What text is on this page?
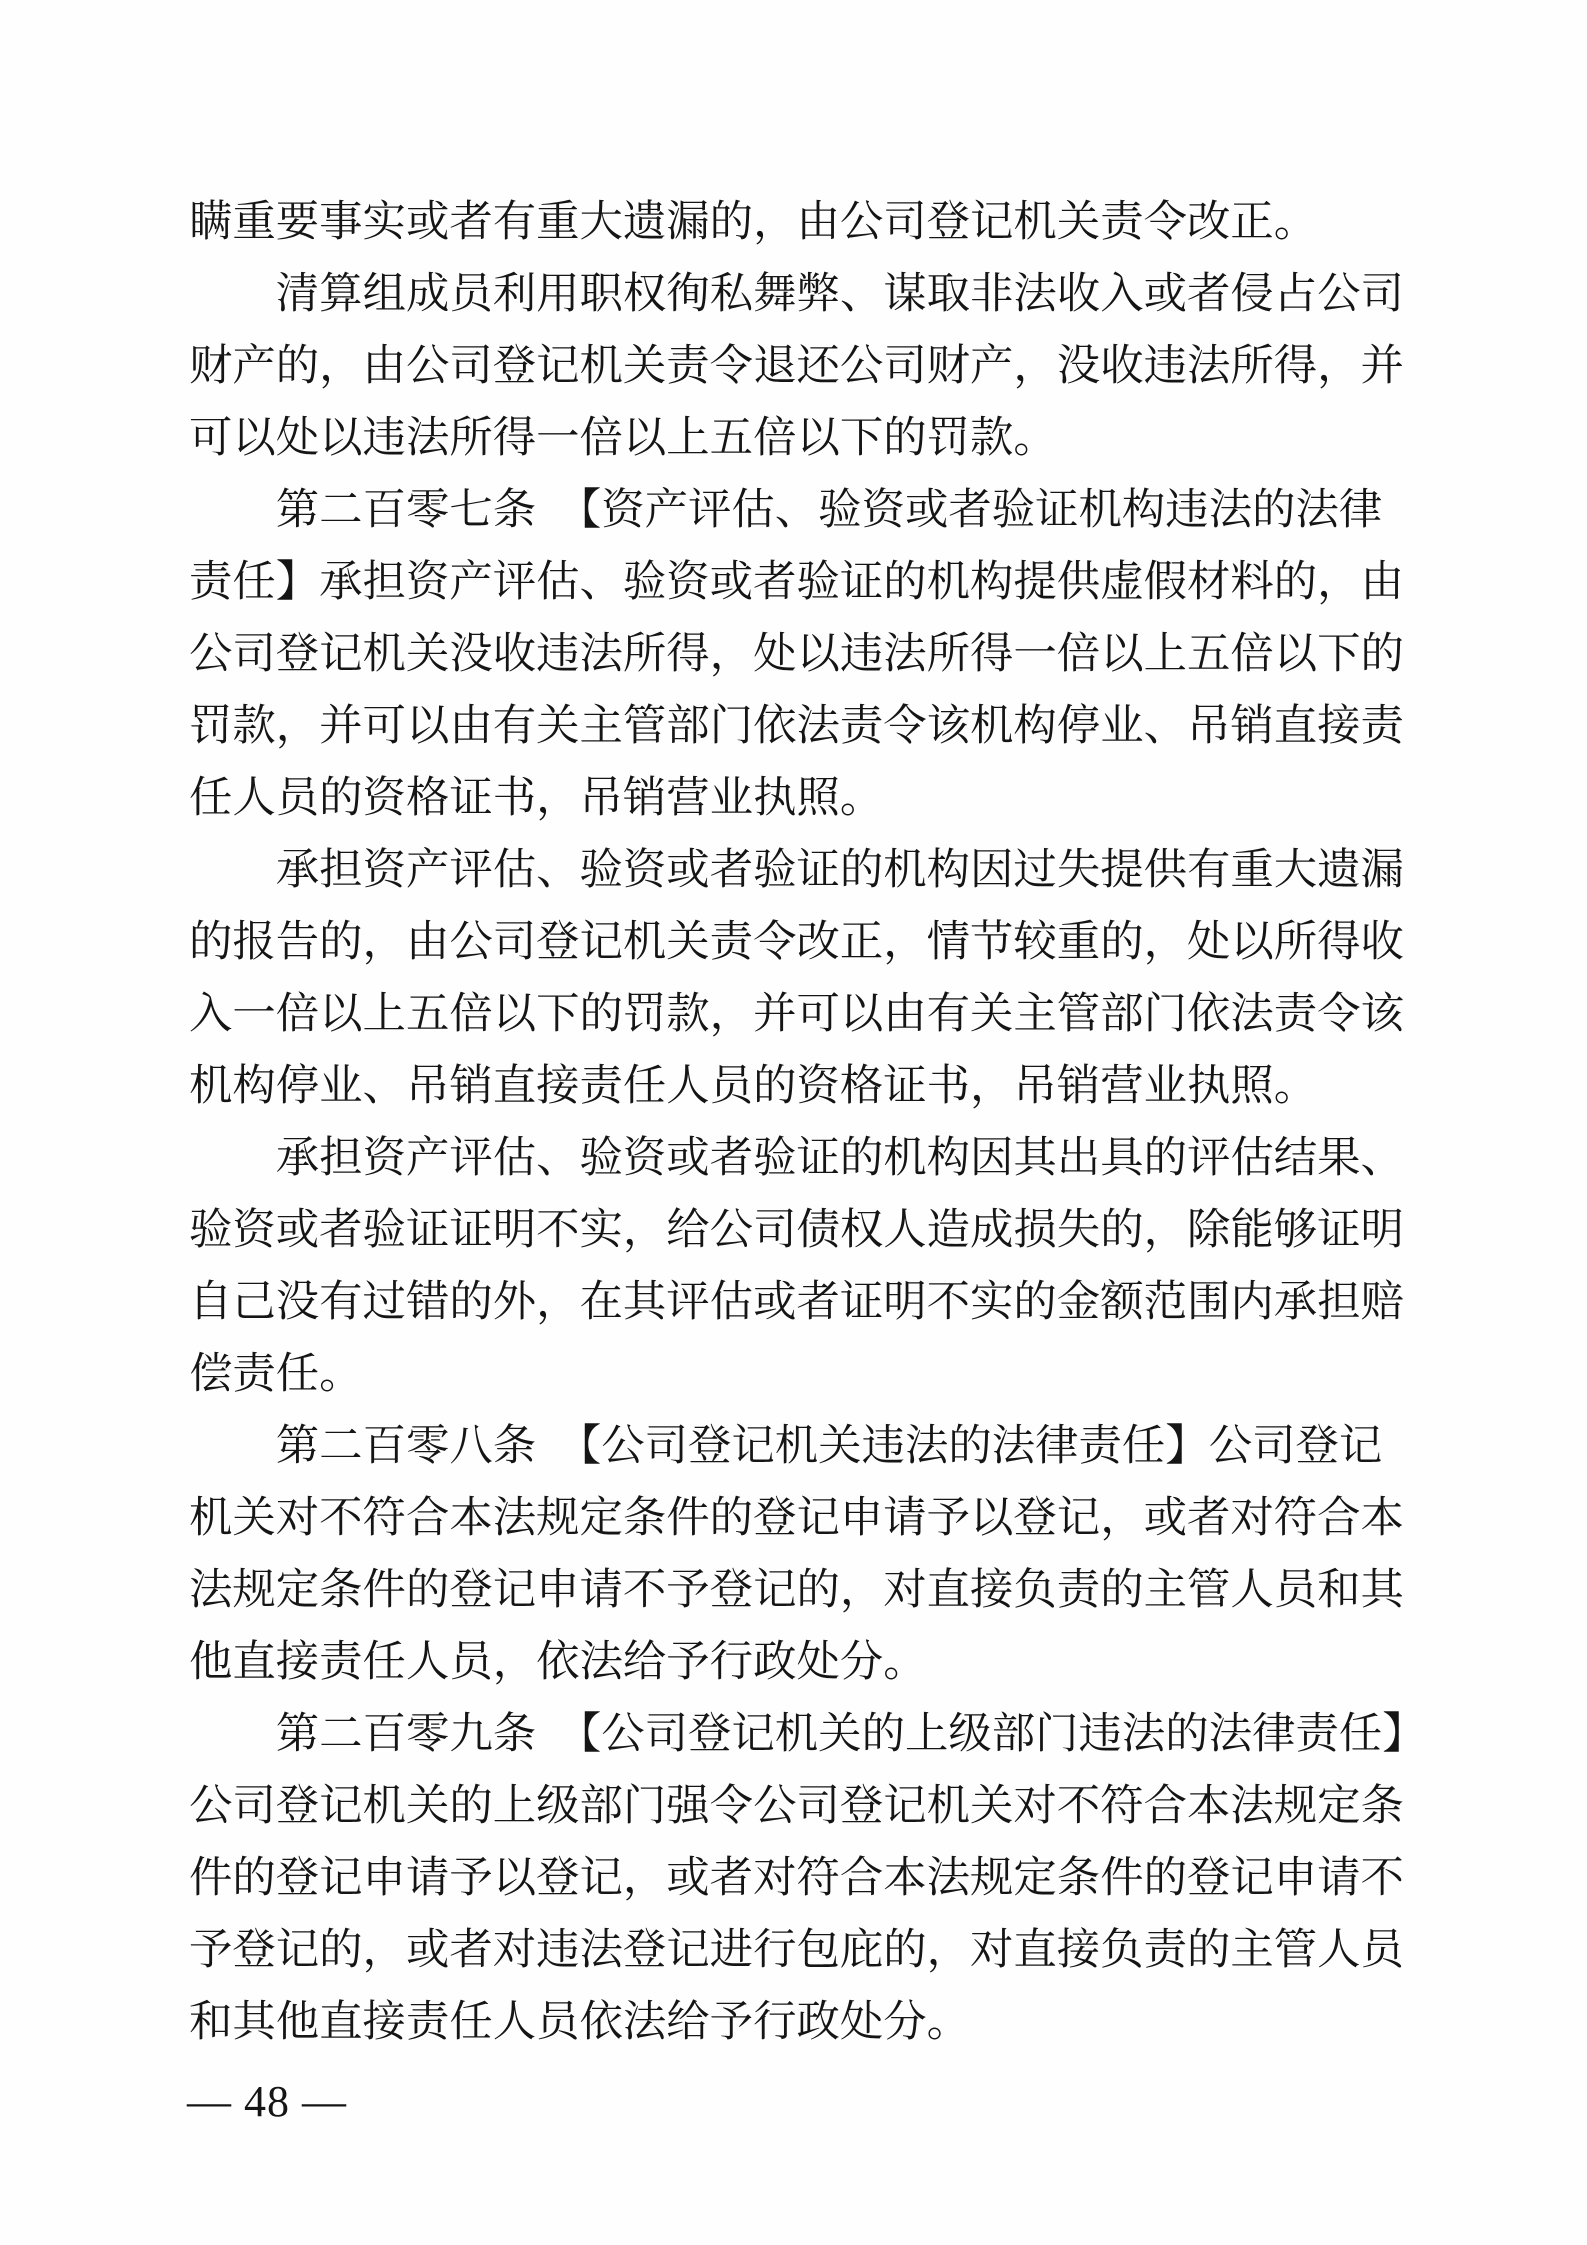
瞒重要事实或者有重大遗漏的，由公司登记机关责令改正。

清算组成员利用职权徇私舞弊、谋取非法收入或者侵占公司
财产的，由公司登记机关责令退还公司财产，没收违法所得，并
可以处以违法所得一倍以上五倍以下的罚款。

第二百零七条　【资产评估、验资或者验证机构违法的法律
责任】承担资产评估、验资或者验证的机构提供虚假材料的，由
公司登记机关没收违法所得，处以违法所得一倍以上五倍以下的
罚款，并可以由有关主管部门依法责令该机构停业、吊销直接责
任人员的资格证书，吊销营业执照。

承担资产评估、验资或者验证的机构因过失提供有重大遗漏
的报告的，由公司登记机关责令改正，情节较重的，处以所得收
入一倍以上五倍以下的罚款，并可以由有关主管部门依法责令该
机构停业、吊销直接责任人员的资格证书，吊销营业执照。

承担资产评估、验资或者验证的机构因其出具的评估结果、
验资或者验证证明不实，给公司债权人造成损失的，除能够证明
自己没有过错的外，在其评估或者证明不实的金额范围内承担赔
偿责任。

第二百零八条　【公司登记机关违法的法律责任】公司登记
机关对不符合本法规定条件的登记申请予以登记，或者对符合本
法规定条件的登记申请不予登记的，对直接负责的主管人员和其
他直接责任人员，依法给予行政处分。

第二百零九条　【公司登记机关的上级部门违法的法律责任】
公司登记机关的上级部门强令公司登记机关对不符合本法规定条
件的登记申请予以登记，或者对符合本法规定条件的登记申请不
予登记的，或者对违法登记进行包庇的，对直接负责的主管人员
和其他直接责任人员依法给予行政处分。

— 48 —
